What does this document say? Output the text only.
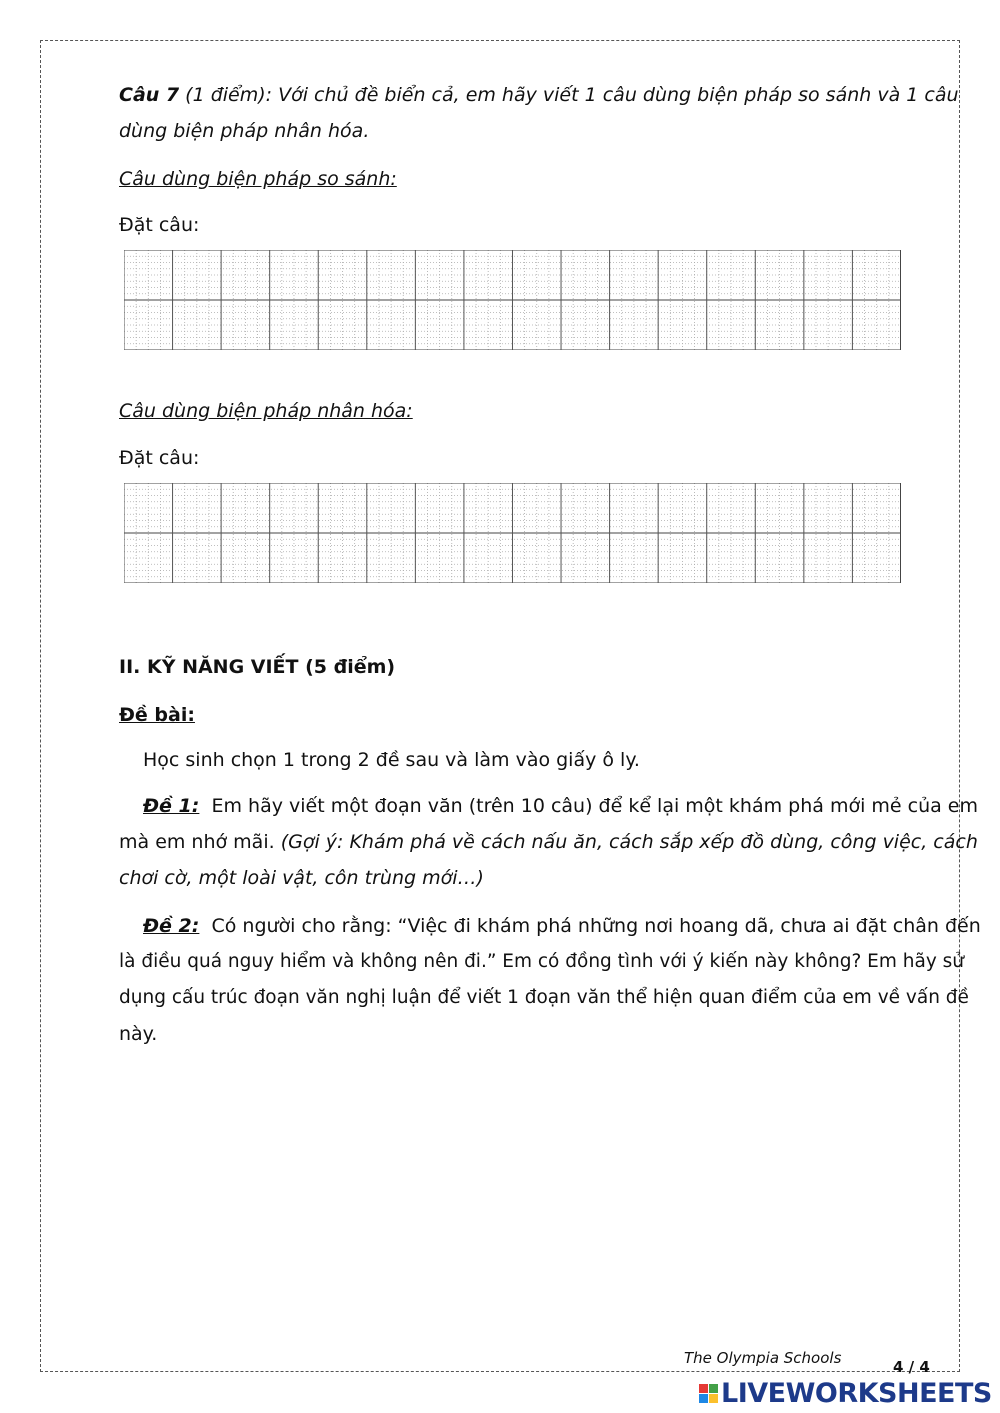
Câu 7 (1 điểm): Với chủ đề biển cả, em hãy viết 1 câu dùng biện pháp so sánh và 1 câu
dùng biện pháp nhân hóa.
Câu dùng biện pháp so sánh:
Đặt câu:
Câu dùng biện pháp nhân hóa:
Đặt câu:
II. KỸ NĂNG VIẾT (5 điểm)
Đề bài:
Học sinh chọn 1 trong 2 đề sau và làm vào giấy ô ly.
Đề 1: Em hãy viết một đoạn văn (trên 10 câu) để kể lại một khám phá mới mẻ của em
mà em nhớ mãi. (Gợi ý: Khám phá về cách nấu ăn, cách sắp xếp đồ dùng, công việc, cách
chơi cờ, một loài vật, côn trùng mới…)
Đề 2: Có người cho rằng: “Việc đi khám phá những nơi hoang dã, chưa ai đặt chân đến
là điều quá nguy hiểm và không nên đi.” Em có đồng tình với ý kiến này không? Em hãy sử
dụng cấu trúc đoạn văn nghị luận để viết 1 đoạn văn thể hiện quan điểm của em về vấn đề
này.
The Olympia Schools	4 / 4
LIVEWORKSHEETS
